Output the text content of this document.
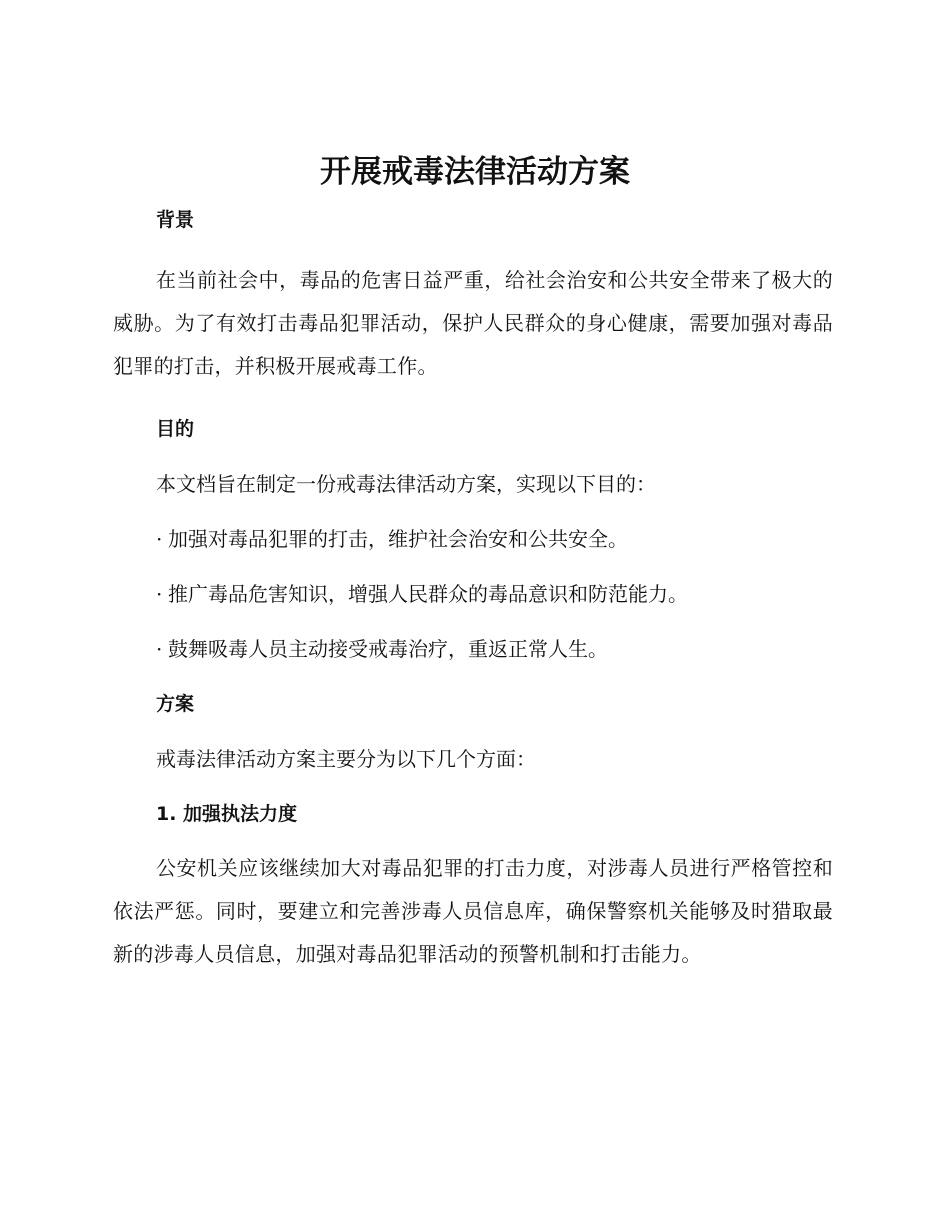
开展戒毒法律活动方案
背景

在当前社会中，毒品的危害日益严重，给社会治安和公共安全带来了极大的威胁。为了有效打击毒品犯罪活动，保护人民群众的身心健康，需要加强对毒品犯罪的打击，并积极开展戒毒工作。

目的
本文档旨在制定一份戒毒法律活动方案，实现以下目的：
· 加强对毒品犯罪的打击，维护社会治安和公共安全。
· 推广毒品危害知识，增强人民群众的毒品意识和防范能力。
· 鼓舞吸毒人员主动接受戒毒治疗，重返正常人生。
方案
戒毒法律活动方案主要分为以下几个方面：
1. 加强执法力度

公安机关应该继续加大对毒品犯罪的打击力度，对涉毒人员进行严格管控和依法严惩。同时，要建立和完善涉毒人员信息库，确保警察机关能够及时猎取最新的涉毒人员信息，加强对毒品犯罪活动的预警机制和打击能力。
